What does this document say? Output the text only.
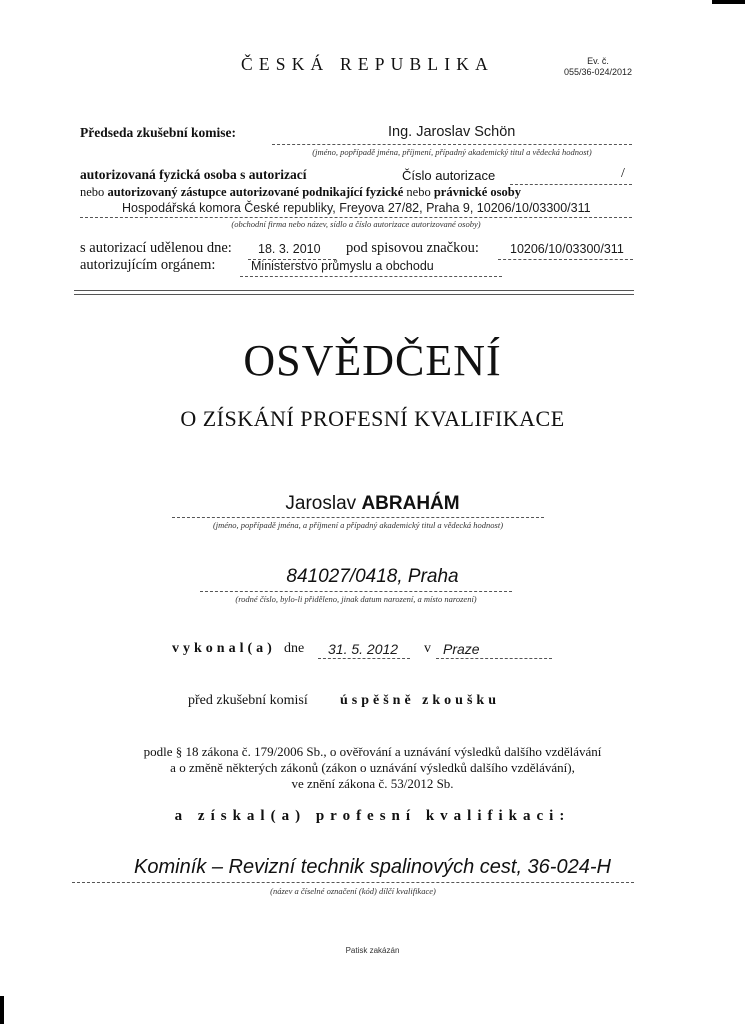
ČESKÁ REPUBLIKA	Ev. č.
055/36-024/2012
Předseda zkušební komise:	Ing. Jaroslav Schön
(jméno, popřípadě jména, příjmení, případný akademický titul a vědecká hodnost)
autorizovaná fyzická osoba s autorizací	Číslo autorizace	/
nebo autorizovaný zástupce autorizované podnikající fyzické nebo právnické osoby
Hospodářská komora České republiky, Freyova 27/82, Praha 9, 10206/10/03300/311
(obchodní firma nebo název, sídlo a číslo autorizace autorizované osoby)
s autorizací udělenou dne: 18. 3. 2010 pod spisovou značkou: 10206/10/03300/311
autorizujícím orgánem:	Ministerstvo průmyslu a obchodu
OSVĚDČENÍ
O ZÍSKÁNÍ PROFESNÍ KVALIFIKACE
Jaroslav ABRAHÁM
(jméno, popřípadě jména, a příjmení a případný akademický titul a vědecká hodnost)
841027/0418, Praha
(rodné číslo, bylo-li přiděleno, jinak datum narození, a místo narození)
vykonal(a) dne 31. 5. 2012 v Praze
před zkušební komisí úspěšně zkoušku
podle § 18 zákona č. 179/2006 Sb., o ověřování a uznávání výsledků dalšího vzdělávání
a o změně některých zákonů (zákon o uznávání výsledků dalšího vzdělávání),
ve znění zákona č. 53/2012 Sb.
a získal(a) profesní kvalifikaci:
Kominík – Revizní technik spalinových cest, 36-024-H
(název a číselné označení (kód) dílčí kvalifikace)
Patisk zakázán
